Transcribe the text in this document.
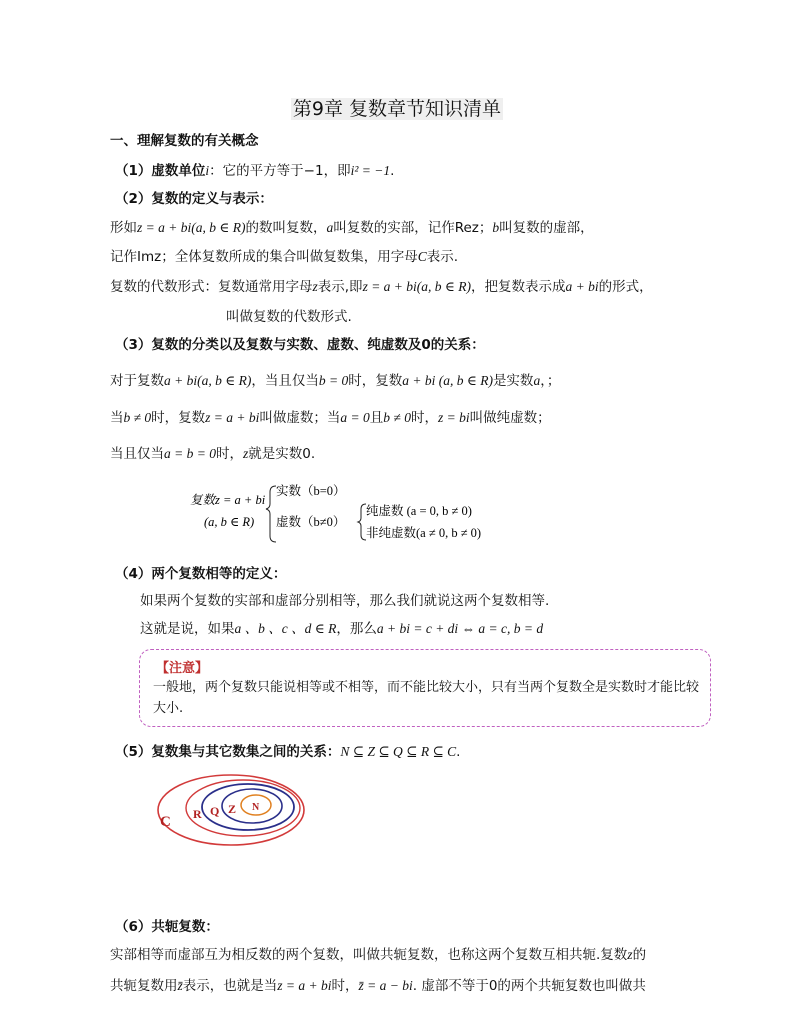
第9章 复数章节知识清单
一、理解复数的有关概念
（1）虚数单位i：它的平方等于−1，即i² = −1.
（2）复数的定义与表示：
形如z = a + bi(a, b ∈ R)的数叫复数，a叫复数的实部，记作Rez；b叫复数的虚部，
记作Imz；全体复数所成的集合叫做复数集，用字母C表示.
复数的代数形式：复数通常用字母z表示,即z = a + bi(a, b ∈ R)，把复数表示成a + bi的形式，
叫做复数的代数形式.
（3）复数的分类以及复数与实数、虚数、纯虚数及0的关系：
对于复数a + bi(a, b ∈ R)，当且仅当b = 0时，复数a + bi (a, b ∈ R)是实数a，；
当b ≠ 0时，复数z = a + bi叫做虚数；当a = 0且b ≠ 0时，z = bi叫做纯虚数；
当且仅当a = b = 0时，z就是实数0.
复数z = a + bi
(a, b ∈ R)
实数（b=0）
虚数（b≠0）
纯虚数 (a = 0, b ≠ 0)
非纯虚数(a ≠ 0, b ≠ 0)
（4）两个复数相等的定义：
如果两个复数的实部和虚部分别相等，那么我们就说这两个复数相等.
这就是说，如果a 、b 、c 、d ∈ R，那么a + bi = c + di ⇔ a = c, b = d
【注意】
一般地，两个复数只能说相等或不相等，而不能比较大小，只有当两个复数全是实数时才能比较大小.
（5）复数集与其它数集之间的关系：N ⊆ Z ⊆ Q ⊆ R ⊆ C.
C R Q Z N
（6）共轭复数：
实部相等而虚部互为相反数的两个复数，叫做共轭复数，也称这两个复数互相共轭.复数z的
共轭复数用z̄表示，也就是当z = a + bi时，z̄ = a − bi. 虚部不等于0的两个共轭复数也叫做共
